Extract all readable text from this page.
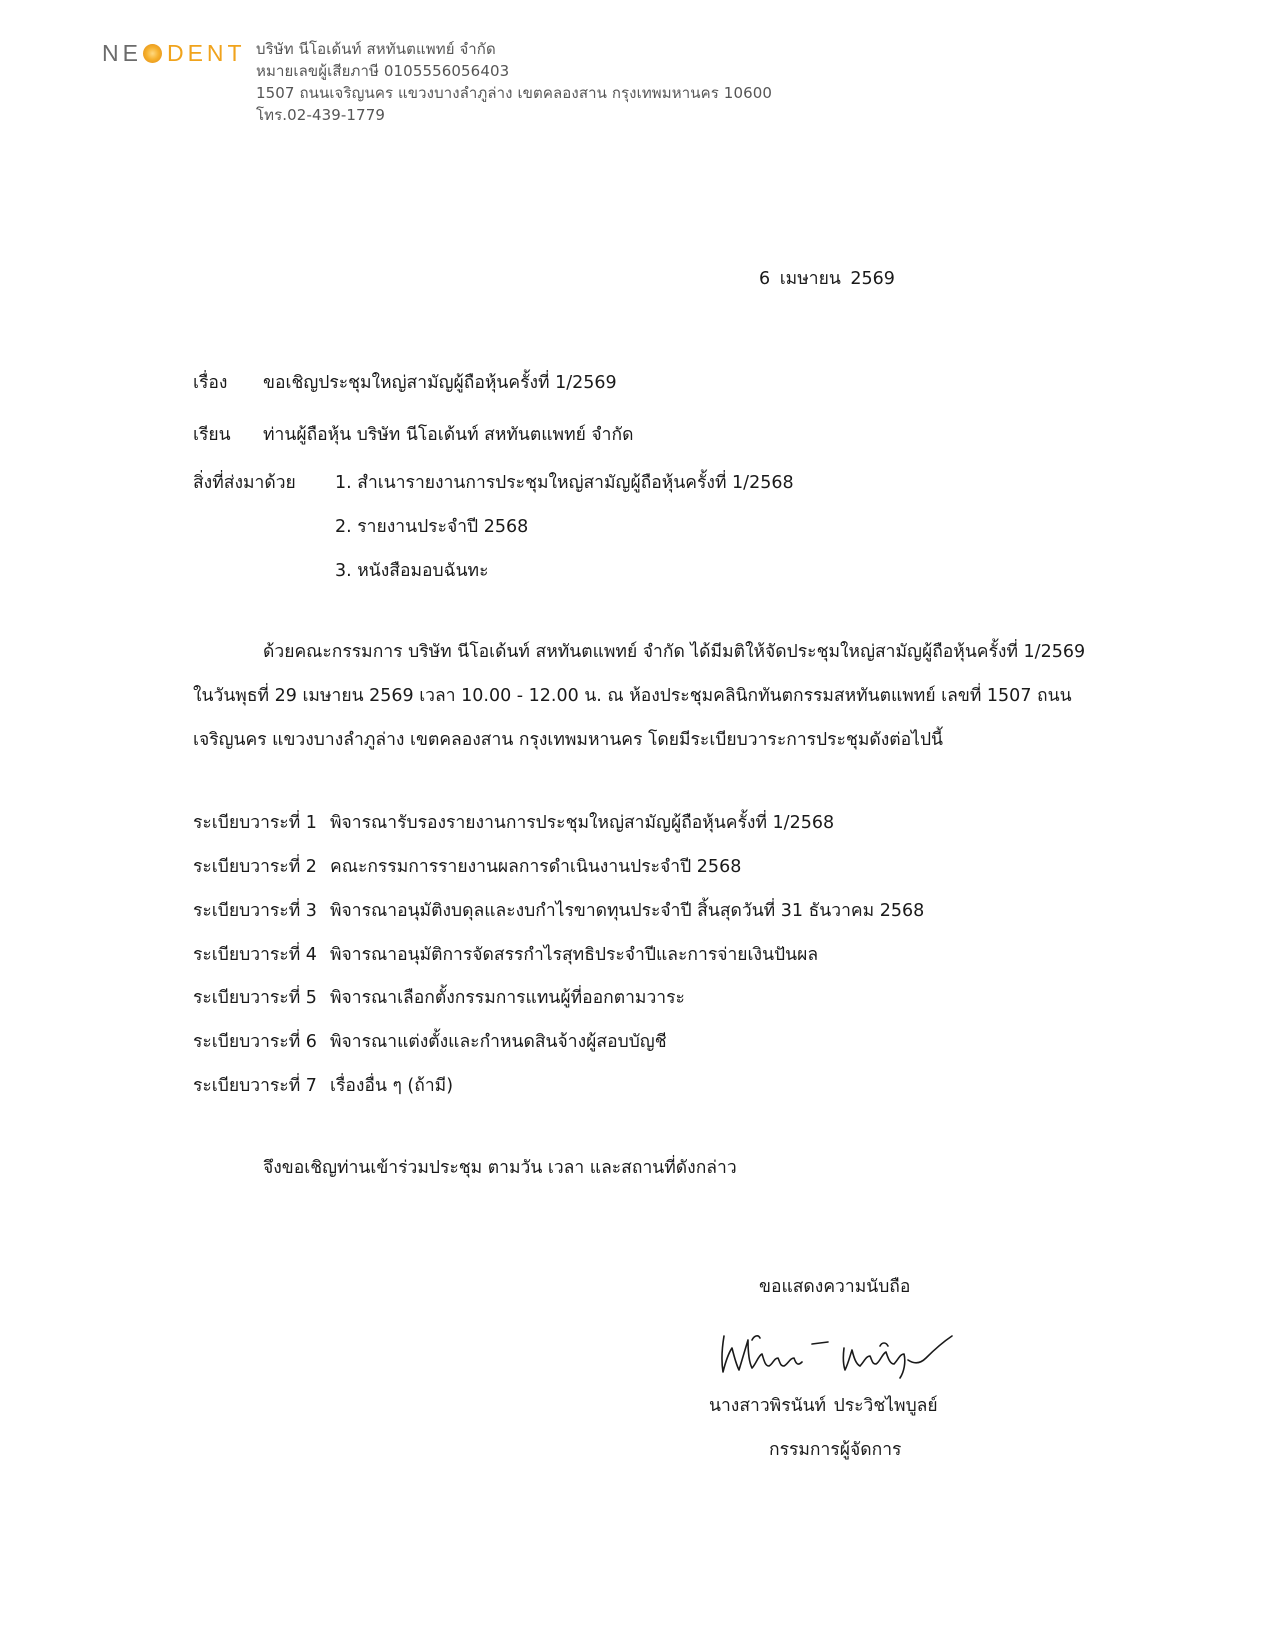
NE DENT บริษัท นีโอเด้นท์ สหทันตแพทย์ จำกัด
หมายเลขผู้เสียภาษี 0105556056403
1507 ถนนเจริญนคร แขวงบางลำภูล่าง เขตคลองสาน กรุงเทพมหานคร 10600
โทร.02-439-1779
6 เมษายน 2569
เรื่อง ขอเชิญประชุมใหญ่สามัญผู้ถือหุ้นครั้งที่ 1/2569
เรียน ท่านผู้ถือหุ้น บริษัท นีโอเด้นท์ สหทันตแพทย์ จำกัด
สิ่งที่ส่งมาด้วย 1. สำเนารายงานการประชุมใหญ่สามัญผู้ถือหุ้นครั้งที่ 1/2568
2. รายงานประจำปี 2568
3. หนังสือมอบฉันทะ
ด้วยคณะกรรมการ บริษัท นีโอเด้นท์ สหทันตแพทย์ จำกัด ได้มีมติให้จัดประชุมใหญ่สามัญผู้ถือหุ้นครั้งที่ 1/2569
ในวันพุธที่ 29 เมษายน 2569 เวลา 10.00 - 12.00 น. ณ ห้องประชุมคลินิกทันตกรรมสหทันตแพทย์ เลขที่ 1507 ถนน
เจริญนคร แขวงบางลำภูล่าง เขตคลองสาน กรุงเทพมหานคร โดยมีระเบียบวาระการประชุมดังต่อไปนี้
ระเบียบวาระที่ 1 พิจารณารับรองรายงานการประชุมใหญ่สามัญผู้ถือหุ้นครั้งที่ 1/2568
ระเบียบวาระที่ 2 คณะกรรมการรายงานผลการดำเนินงานประจำปี 2568
ระเบียบวาระที่ 3 พิจารณาอนุมัติงบดุลและงบกำไรขาดทุนประจำปี สิ้นสุดวันที่ 31 ธันวาคม 2568
ระเบียบวาระที่ 4 พิจารณาอนุมัติการจัดสรรกำไรสุทธิประจำปีและการจ่ายเงินปันผล
ระเบียบวาระที่ 5 พิจารณาเลือกตั้งกรรมการแทนผู้ที่ออกตามวาระ
ระเบียบวาระที่ 6 พิจารณาแต่งตั้งและกำหนดสินจ้างผู้สอบบัญชี
ระเบียบวาระที่ 7 เรื่องอื่น ๆ (ถ้ามี)
จึงขอเชิญท่านเข้าร่วมประชุม ตามวัน เวลา และสถานที่ดังกล่าว
ขอแสดงความนับถือ
นางสาวพิรนันท์ ประวิชไพบูลย์
กรรมการผู้จัดการ
